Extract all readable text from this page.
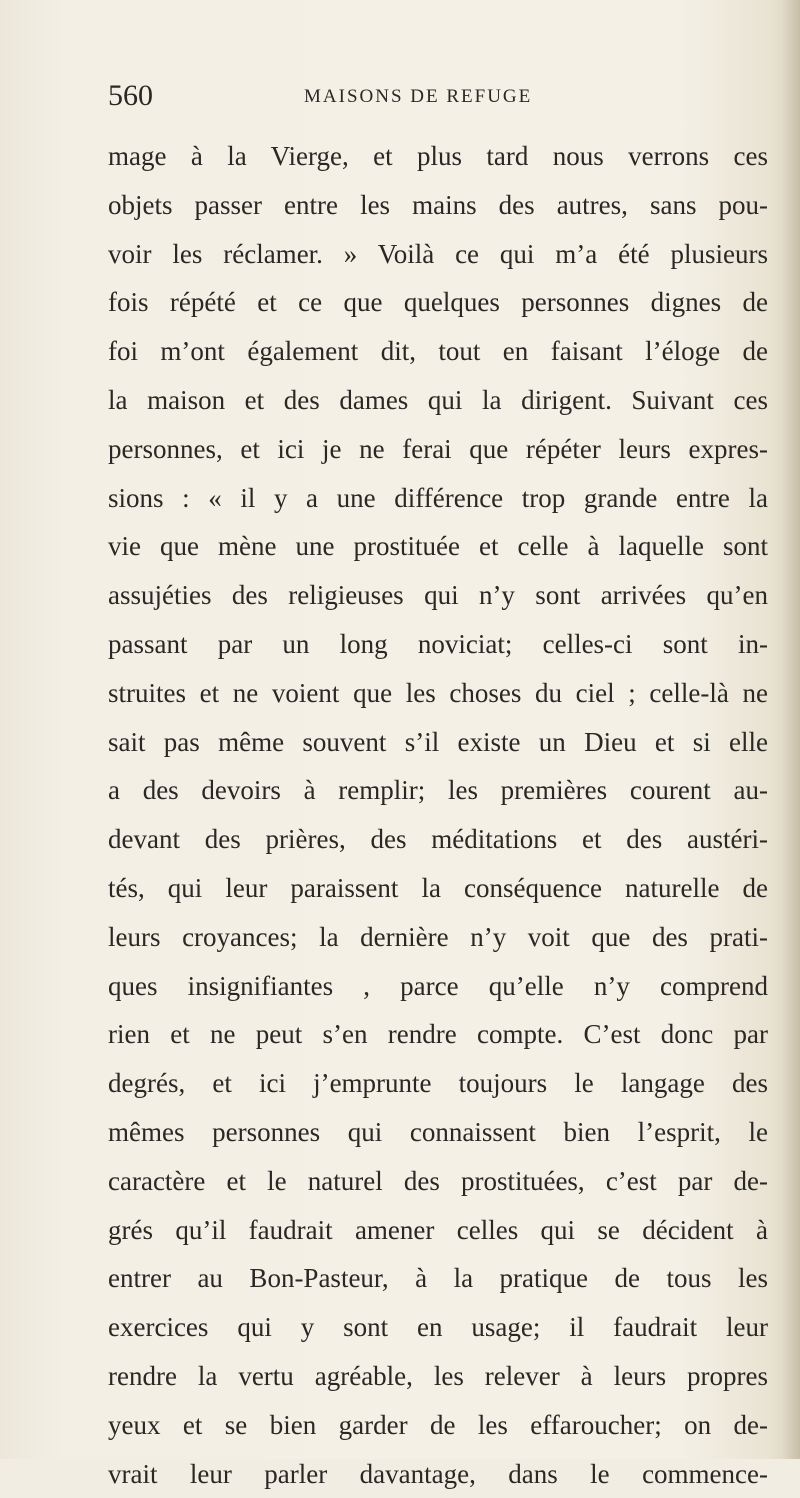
560	MAISONS DE REFUGE
mage à la Vierge, et plus tard nous verrons ces
objets passer entre les mains des autres, sans pou-
voir les réclamer. » Voilà ce qui m’a été plusieurs
fois répété et ce que quelques personnes dignes de
foi m’ont également dit, tout en faisant l’éloge de
la maison et des dames qui la dirigent. Suivant ces
personnes, et ici je ne ferai que répéter leurs expres-
sions : « il y a une différence trop grande entre la
vie que mène une prostituée et celle à laquelle sont
assujéties des religieuses qui n’y sont arrivées qu’en
passant par un long noviciat; celles-ci sont in-
struites et ne voient que les choses du ciel ; celle-là ne
sait pas même souvent s’il existe un Dieu et si elle
a des devoirs à remplir; les premières courent au-
devant des prières, des méditations et des austéri-
tés, qui leur paraissent la conséquence naturelle de
leurs croyances; la dernière n’y voit que des prati-
ques insignifiantes , parce qu’elle n’y comprend
rien et ne peut s’en rendre compte. C’est donc par
degrés, et ici j’emprunte toujours le langage des
mêmes personnes qui connaissent bien l’esprit, le
caractère et le naturel des prostituées, c’est par de-
grés qu’il faudrait amener celles qui se décident à
entrer au Bon-Pasteur, à la pratique de tous les
exercices qui y sont en usage; il faudrait leur
rendre la vertu agréable, les relever à leurs propres
yeux et se bien garder de les effaroucher; on de-
vrait leur parler davantage, dans le commence-
